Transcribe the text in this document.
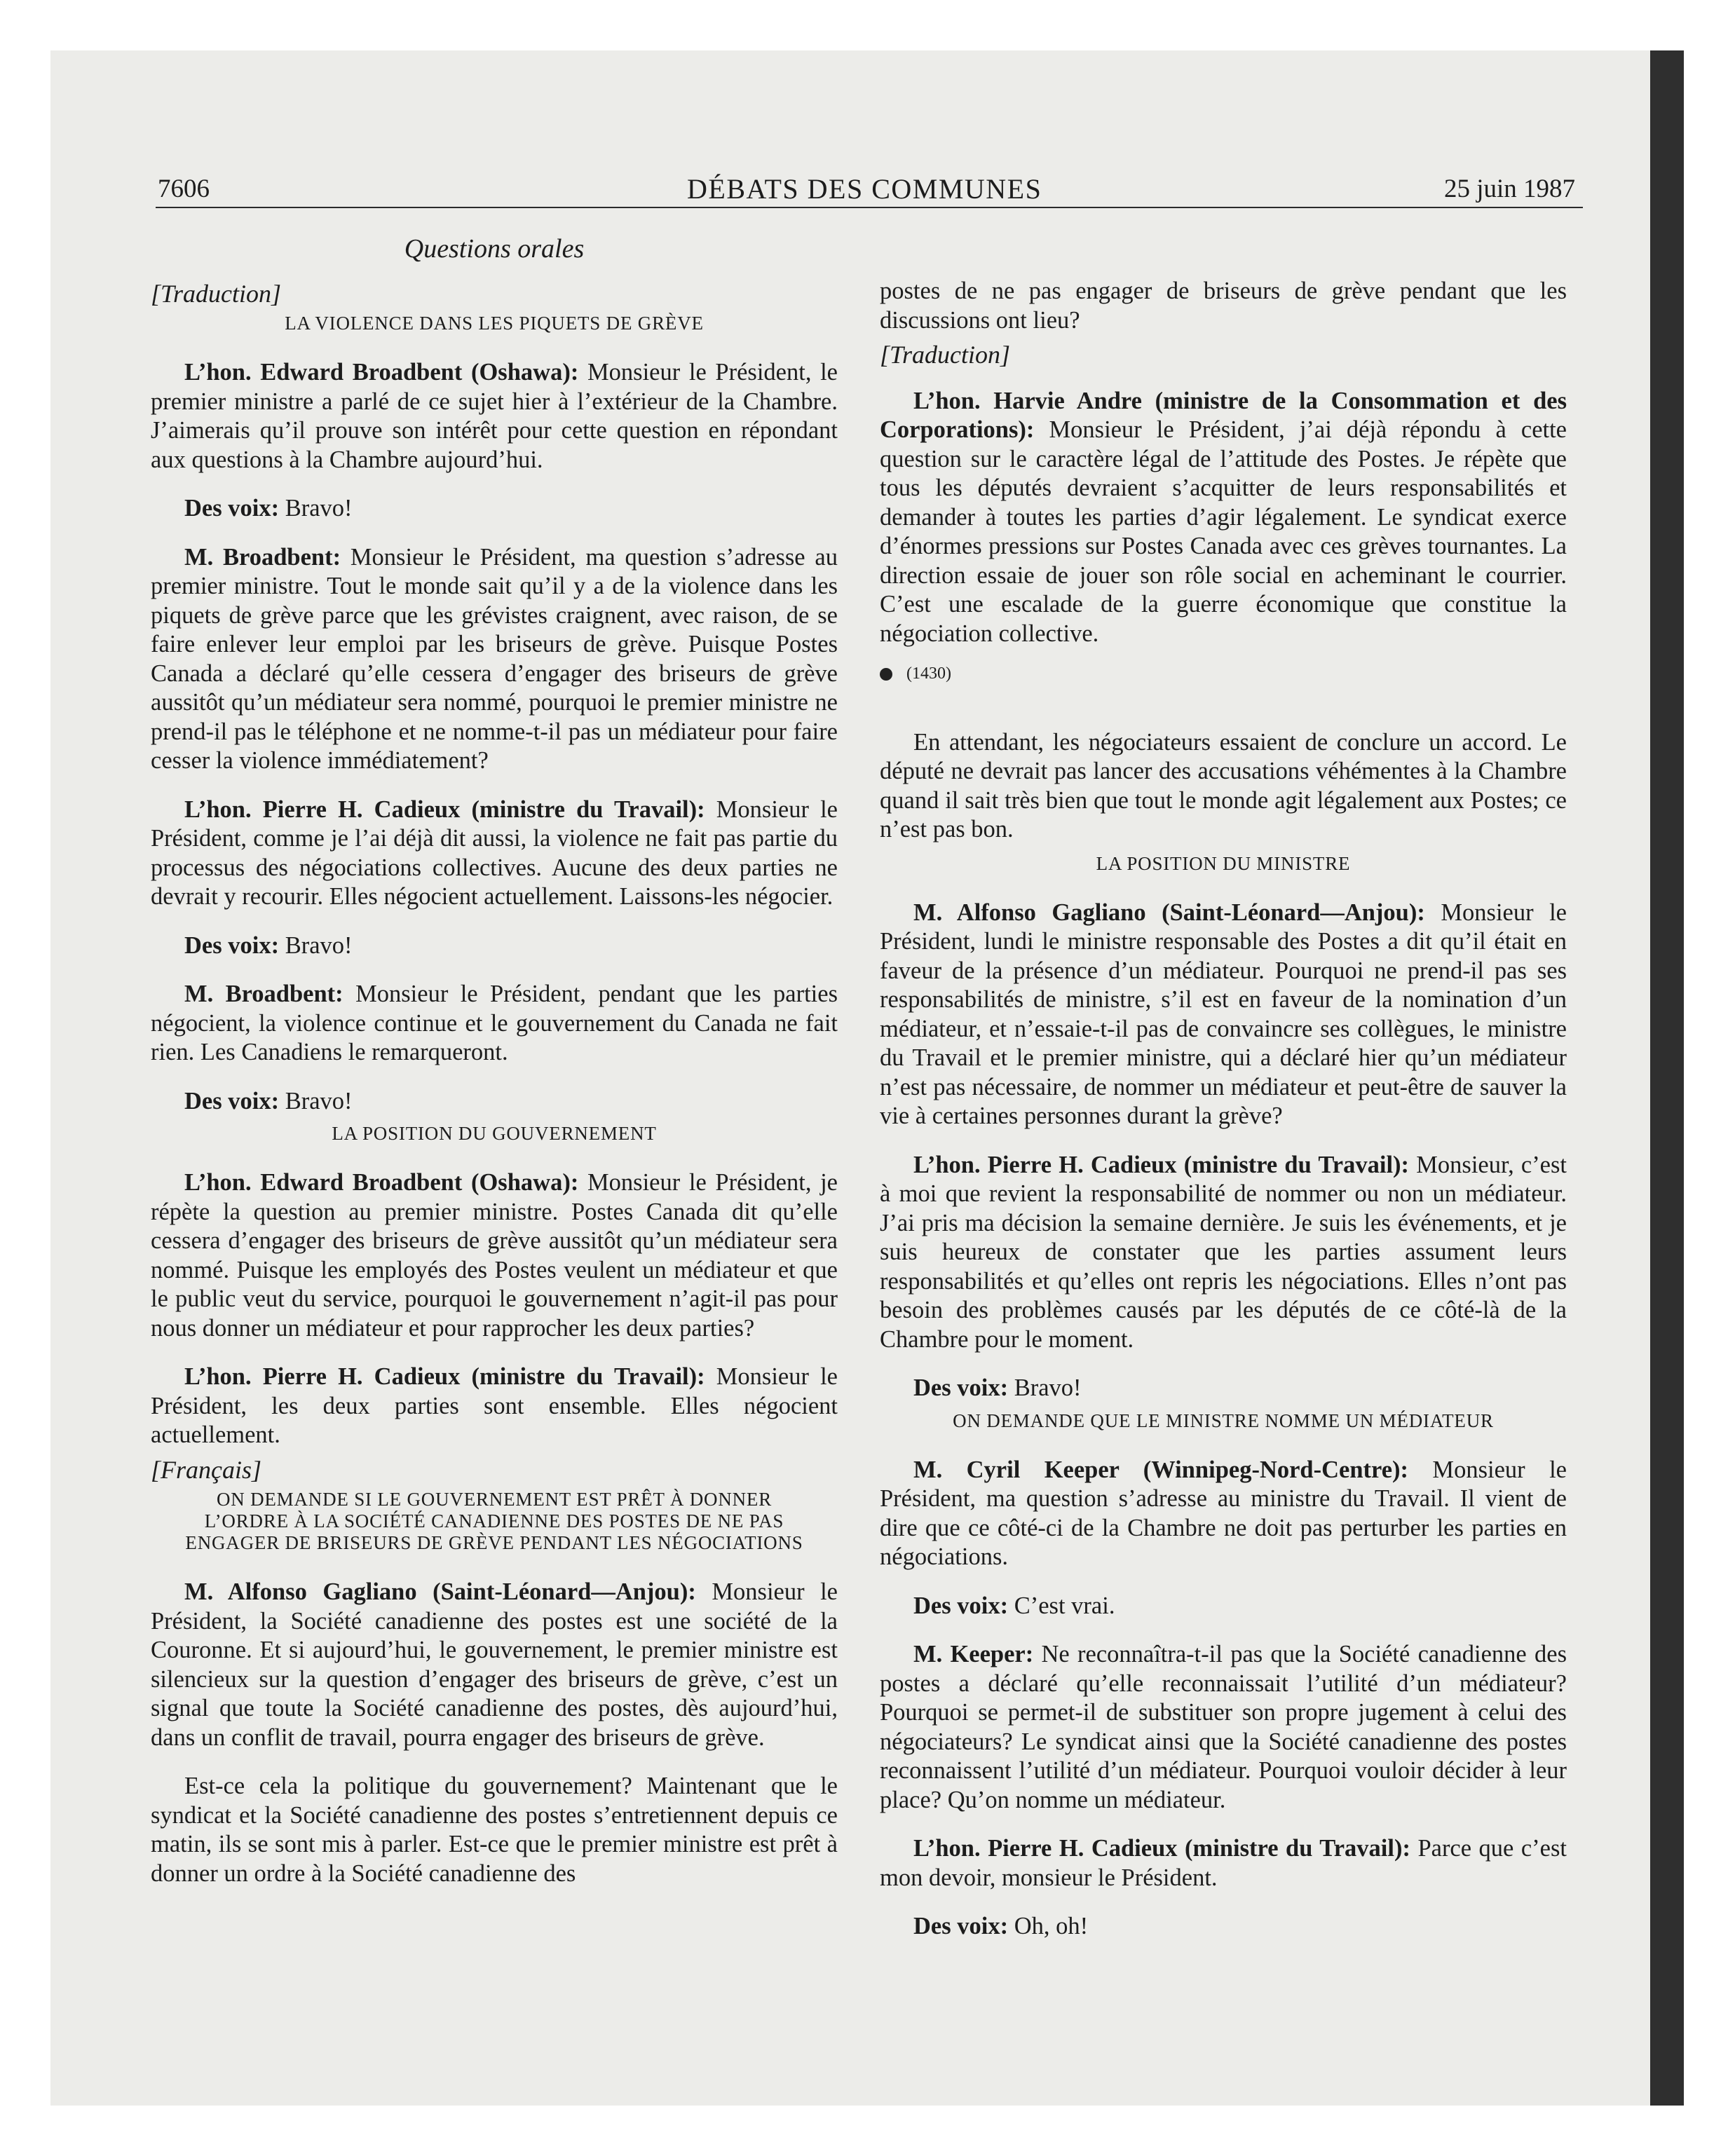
7606	DÉBATS DES COMMUNES	25 juin 1987

Questions orales

[Traduction]

LA VIOLENCE DANS LES PIQUETS DE GRÈVE

L’hon. Edward Broadbent (Oshawa): Monsieur le Président, le premier ministre a parlé de ce sujet hier à l’extérieur de la Chambre. J’aimerais qu’il prouve son intérêt pour cette question en répondant aux questions à la Chambre aujourd’hui.

Des voix: Bravo!

M. Broadbent: Monsieur le Président, ma question s’adresse au premier ministre. Tout le monde sait qu’il y a de la violence dans les piquets de grève parce que les grévistes craignent, avec raison, de se faire enlever leur emploi par les briseurs de grève. Puisque Postes Canada a déclaré qu’elle cessera d’engager des briseurs de grève aussitôt qu’un médiateur sera nommé, pourquoi le premier ministre ne prend-il pas le téléphone et ne nomme-t-il pas un médiateur pour faire cesser la violence immédiatement?

L’hon. Pierre H. Cadieux (ministre du Travail): Monsieur le Président, comme je l’ai déjà dit aussi, la violence ne fait pas partie du processus des négociations collectives. Aucune des deux parties ne devrait y recourir. Elles négocient actuellement. Laissons-les négocier.

Des voix: Bravo!

M. Broadbent: Monsieur le Président, pendant que les parties négocient, la violence continue et le gouvernement du Canada ne fait rien. Les Canadiens le remarqueront.

Des voix: Bravo!

LA POSITION DU GOUVERNEMENT

L’hon. Edward Broadbent (Oshawa): Monsieur le Président, je répète la question au premier ministre. Postes Canada dit qu’elle cessera d’engager des briseurs de grève aussitôt qu’un médiateur sera nommé. Puisque les employés des Postes veulent un médiateur et que le public veut du service, pourquoi le gouvernement n’agit-il pas pour nous donner un médiateur et pour rapprocher les deux parties?

L’hon. Pierre H. Cadieux (ministre du Travail): Monsieur le Président, les deux parties sont ensemble. Elles négocient actuellement.

[Français]

ON DEMANDE SI LE GOUVERNEMENT EST PRÊT À DONNER
L’ORDRE À LA SOCIÉTÉ CANADIENNE DES POSTES DE NE PAS
ENGAGER DE BRISEURS DE GRÈVE PENDANT LES NÉGOCIATIONS

M. Alfonso Gagliano (Saint-Léonard—Anjou): Monsieur le Président, la Société canadienne des postes est une société de la Couronne. Et si aujourd’hui, le gouvernement, le premier ministre est silencieux sur la question d’engager des briseurs de grève, c’est un signal que toute la Société canadienne des postes, dès aujourd’hui, dans un conflit de travail, pourra engager des briseurs de grève.

Est-ce cela la politique du gouvernement? Maintenant que le syndicat et la Société canadienne des postes s’entretiennent depuis ce matin, ils se sont mis à parler. Est-ce que le premier ministre est prêt à donner un ordre à la Société canadienne des

postes de ne pas engager de briseurs de grève pendant que les discussions ont lieu?

[Traduction]

L’hon. Harvie Andre (ministre de la Consommation et des Corporations): Monsieur le Président, j’ai déjà répondu à cette question sur le caractère légal de l’attitude des Postes. Je répète que tous les députés devraient s’acquitter de leurs responsabilités et demander à toutes les parties d’agir légalement. Le syndicat exerce d’énormes pressions sur Postes Canada avec ces grèves tournantes. La direction essaie de jouer son rôle social en acheminant le courrier. C’est une escalade de la guerre économique que constitue la négociation collective.

(1430)

En attendant, les négociateurs essaient de conclure un accord. Le député ne devrait pas lancer des accusations véhémentes à la Chambre quand il sait très bien que tout le monde agit légalement aux Postes; ce n’est pas bon.

LA POSITION DU MINISTRE

M. Alfonso Gagliano (Saint-Léonard—Anjou): Monsieur le Président, lundi le ministre responsable des Postes a dit qu’il était en faveur de la présence d’un médiateur. Pourquoi ne prend-il pas ses responsabilités de ministre, s’il est en faveur de la nomination d’un médiateur, et n’essaie-t-il pas de convaincre ses collègues, le ministre du Travail et le premier ministre, qui a déclaré hier qu’un médiateur n’est pas nécessaire, de nommer un médiateur et peut-être de sauver la vie à certaines personnes durant la grève?

L’hon. Pierre H. Cadieux (ministre du Travail): Monsieur, c’est à moi que revient la responsabilité de nommer ou non un médiateur. J’ai pris ma décision la semaine dernière. Je suis les événements, et je suis heureux de constater que les parties assument leurs responsabilités et qu’elles ont repris les négociations. Elles n’ont pas besoin des problèmes causés par les députés de ce côté-là de la Chambre pour le moment.

Des voix: Bravo!

ON DEMANDE QUE LE MINISTRE NOMME UN MÉDIATEUR

M. Cyril Keeper (Winnipeg-Nord-Centre): Monsieur le Président, ma question s’adresse au ministre du Travail. Il vient de dire que ce côté-ci de la Chambre ne doit pas perturber les parties en négociations.

Des voix: C’est vrai.

M. Keeper: Ne reconnaîtra-t-il pas que la Société canadienne des postes a déclaré qu’elle reconnaissait l’utilité d’un médiateur? Pourquoi se permet-il de substituer son propre jugement à celui des négociateurs? Le syndicat ainsi que la Société canadienne des postes reconnaissent l’utilité d’un médiateur. Pourquoi vouloir décider à leur place? Qu’on nomme un médiateur.

L’hon. Pierre H. Cadieux (ministre du Travail): Parce que c’est mon devoir, monsieur le Président.

Des voix: Oh, oh!
